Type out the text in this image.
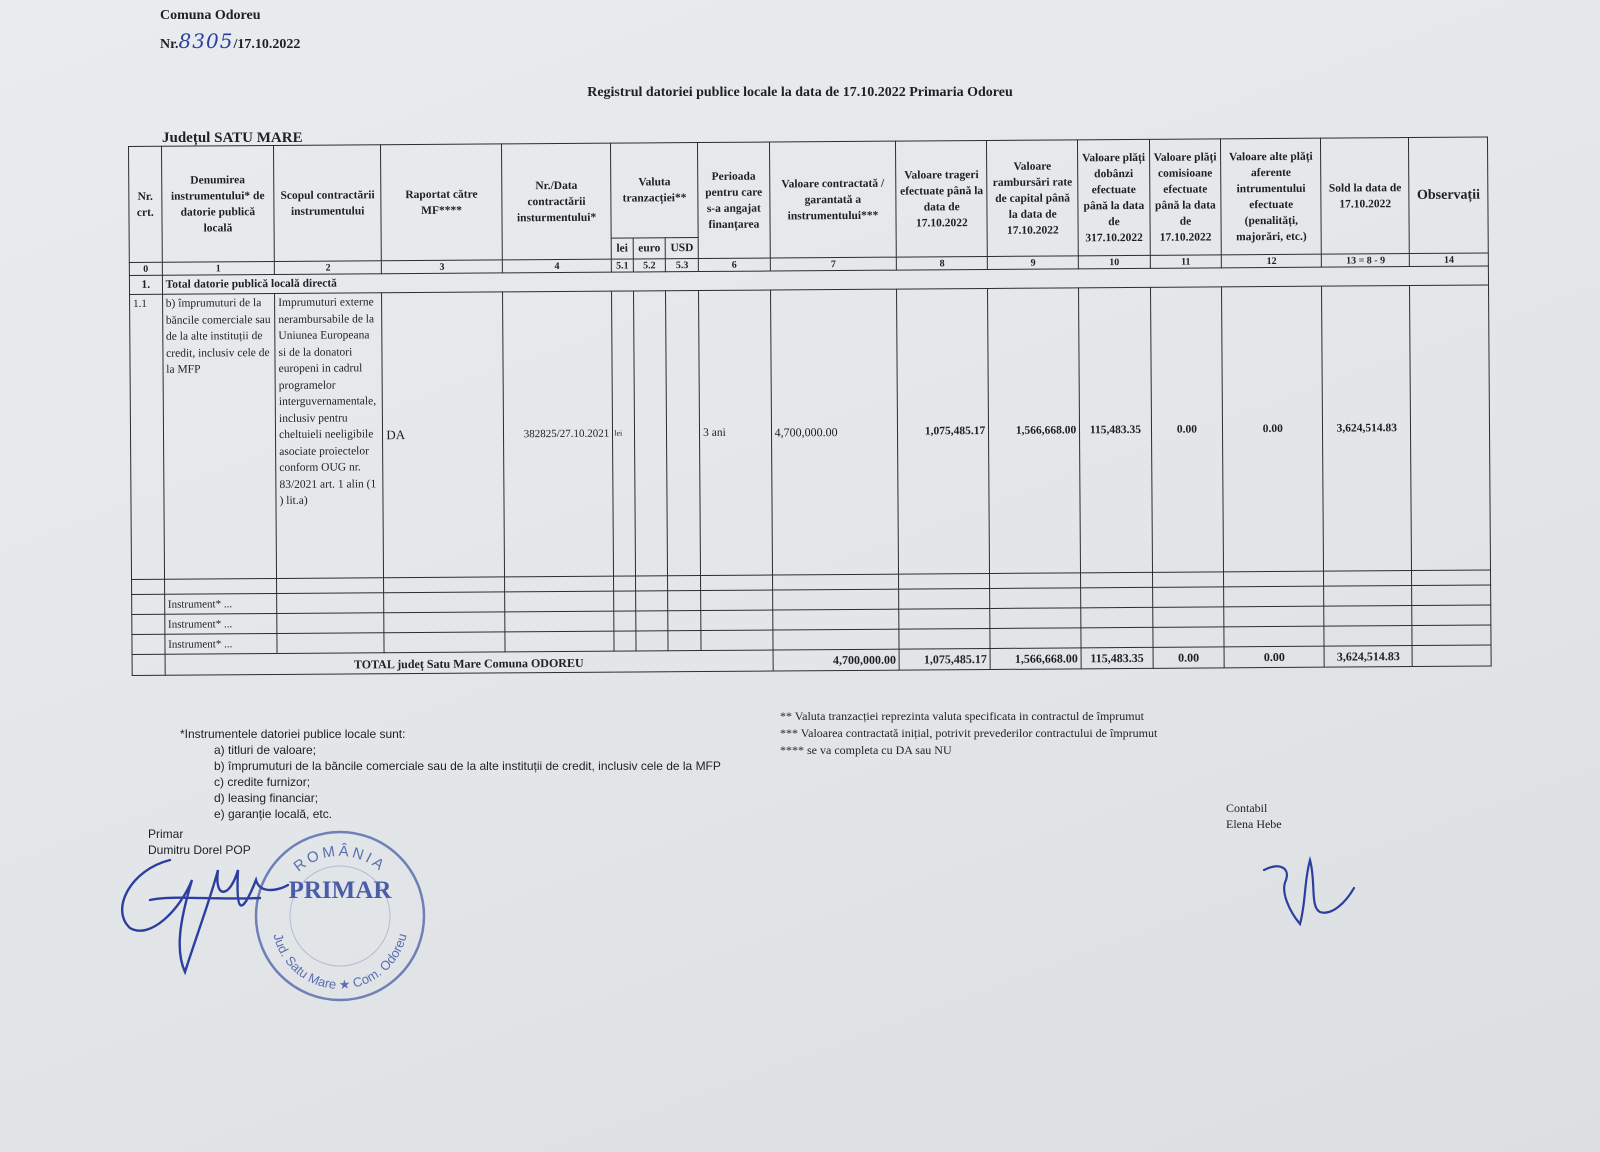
Comuna Odoreu
Nr.8305/17.10.2022
Registrul datoriei publice locale la data de 17.10.2022 Primaria Odoreu
Județul SATU MARE
Nr. crt.	Denumirea instrumentului* de datorie publică locală	Scopul contractării instrumentului	Raportat către MF****	Nr./Data contractării insturmentului*	Valuta tranzacției**			Perioada pentru care s-a angajat finanțarea	Valoare contractată / garantată a instrumentului***	Valoare trageri efectuate până la data de 17.10.2022	Valoare rambursări rate de capital până la data de 17.10.2022	Valoare plăți dobânzi efectuate până la data de 317.10.2022	Valoare plăți comisioane efectuate până la data de 17.10.2022	Valoare alte plăți aferente intrumentului efectuate (penalități, majorări, etc.)	Sold la data de 17.10.2022	Observații
					lei	euro	USD									
0	1	2	3	4	5.1	5.2	5.3	6	7	8	9	10	11	12	13 = 8 - 9	14
1.	Total datorie publică locală directă															
1.1	b) împrumuturi de la băncile comerciale sau de la alte instituții de credit, inclusiv cele de la MFP	Imprumuturi externe nerambursabile de la Uniunea Europeana si de la donatori europeni in cadrul programelor interguvernamentale, inclusiv pentru cheltuieli neeligibile asociate proiectelor conform OUG nr. 83/2021 art. 1 alin (1 ) lit.a)	DA	382825/27.10.2021	lei			3 ani	4,700,000.00	1,075,485.17	1,566,668.00	115,483.35	0.00	0.00	3,624,514.83	

	Instrument* ...															
	Instrument* ...															
	Instrument* ...															
	TOTAL județ Satu Mare Comuna ODOREU								4,700,000.00	1,075,485.17	1,566,668.00	115,483.35	0.00	0.00	3,624,514.83	
*Instrumentele datoriei publice locale sunt:
a) titluri de valoare;
b) împrumuturi de la băncile comerciale sau de la alte instituții de credit, inclusiv cele de la MFP
c) credite furnizor;
d) leasing financiar;
e) garanție locală, etc.
** Valuta tranzacției reprezinta valuta specificata in contractul de împrumut
*** Valoarea contractată inițial, potrivit prevederilor contractului de împrumut
**** se va completa cu DA sau NU
Primar
Dumitru Dorel POP
Contabil
Elena Hebe
ROMÂNIA
PRIMAR
Jud. Satu Mare ★ Com. Odoreu
